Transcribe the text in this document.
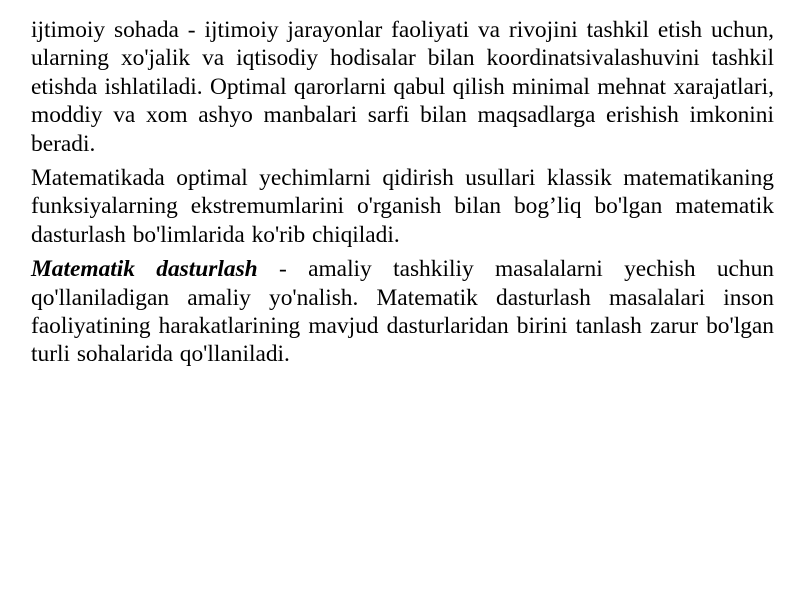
ijtimoiy sohada - ijtimoiy jarayonlar faoliyati va rivojini tashkil etish uchun, ularning xo'jalik va iqtisodiy hodisalar bilan koordinatsivalashuvini tashkil etishda ishlatiladi. Optimal qarorlarni qabul qilish minimal mehnat xarajatlari, moddiy va xom ashyo manbalari sarfi bilan maqsadlarga erishish imkonini beradi.

Matematikada optimal yechimlarni qidirish usullari klassik matematikaning funksiyalarning ekstremumlarini o'rganish bilan bog’liq bo'lgan matematik dasturlash bo'limlarida ko'rib chiqiladi.

Matematik dasturlash - amaliy tashkiliy masalalarni yechish uchun qo'llaniladigan amaliy yo'nalish. Matematik dasturlash masalalari inson faoliyatining harakatlarining mavjud dasturlaridan birini tanlash zarur bo'lgan turli sohalarida qo'llaniladi.
